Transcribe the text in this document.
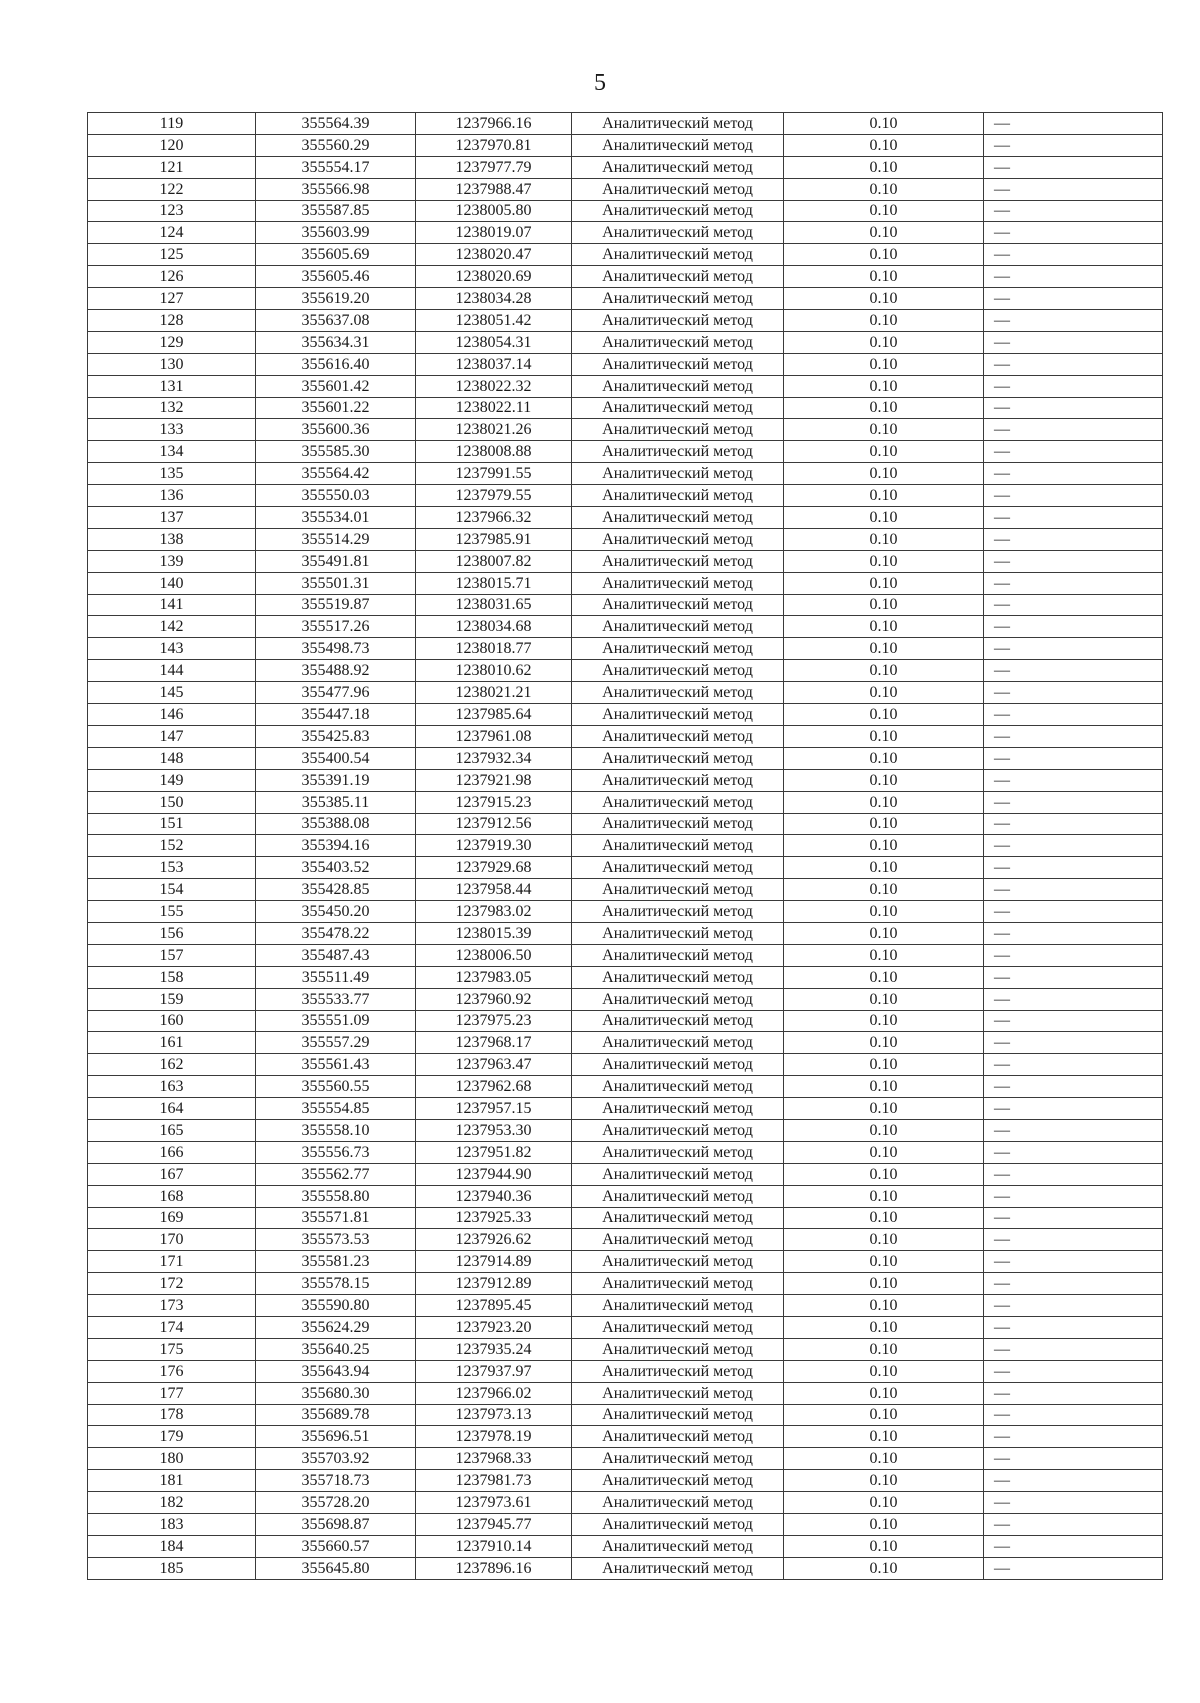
5
119	355564.39	1237966.16	Аналитический метод	0.10	—
120	355560.29	1237970.81	Аналитический метод	0.10	—
121	355554.17	1237977.79	Аналитический метод	0.10	—
122	355566.98	1237988.47	Аналитический метод	0.10	—
123	355587.85	1238005.80	Аналитический метод	0.10	—
124	355603.99	1238019.07	Аналитический метод	0.10	—
125	355605.69	1238020.47	Аналитический метод	0.10	—
126	355605.46	1238020.69	Аналитический метод	0.10	—
127	355619.20	1238034.28	Аналитический метод	0.10	—
128	355637.08	1238051.42	Аналитический метод	0.10	—
129	355634.31	1238054.31	Аналитический метод	0.10	—
130	355616.40	1238037.14	Аналитический метод	0.10	—
131	355601.42	1238022.32	Аналитический метод	0.10	—
132	355601.22	1238022.11	Аналитический метод	0.10	—
133	355600.36	1238021.26	Аналитический метод	0.10	—
134	355585.30	1238008.88	Аналитический метод	0.10	—
135	355564.42	1237991.55	Аналитический метод	0.10	—
136	355550.03	1237979.55	Аналитический метод	0.10	—
137	355534.01	1237966.32	Аналитический метод	0.10	—
138	355514.29	1237985.91	Аналитический метод	0.10	—
139	355491.81	1238007.82	Аналитический метод	0.10	—
140	355501.31	1238015.71	Аналитический метод	0.10	—
141	355519.87	1238031.65	Аналитический метод	0.10	—
142	355517.26	1238034.68	Аналитический метод	0.10	—
143	355498.73	1238018.77	Аналитический метод	0.10	—
144	355488.92	1238010.62	Аналитический метод	0.10	—
145	355477.96	1238021.21	Аналитический метод	0.10	—
146	355447.18	1237985.64	Аналитический метод	0.10	—
147	355425.83	1237961.08	Аналитический метод	0.10	—
148	355400.54	1237932.34	Аналитический метод	0.10	—
149	355391.19	1237921.98	Аналитический метод	0.10	—
150	355385.11	1237915.23	Аналитический метод	0.10	—
151	355388.08	1237912.56	Аналитический метод	0.10	—
152	355394.16	1237919.30	Аналитический метод	0.10	—
153	355403.52	1237929.68	Аналитический метод	0.10	—
154	355428.85	1237958.44	Аналитический метод	0.10	—
155	355450.20	1237983.02	Аналитический метод	0.10	—
156	355478.22	1238015.39	Аналитический метод	0.10	—
157	355487.43	1238006.50	Аналитический метод	0.10	—
158	355511.49	1237983.05	Аналитический метод	0.10	—
159	355533.77	1237960.92	Аналитический метод	0.10	—
160	355551.09	1237975.23	Аналитический метод	0.10	—
161	355557.29	1237968.17	Аналитический метод	0.10	—
162	355561.43	1237963.47	Аналитический метод	0.10	—
163	355560.55	1237962.68	Аналитический метод	0.10	—
164	355554.85	1237957.15	Аналитический метод	0.10	—
165	355558.10	1237953.30	Аналитический метод	0.10	—
166	355556.73	1237951.82	Аналитический метод	0.10	—
167	355562.77	1237944.90	Аналитический метод	0.10	—
168	355558.80	1237940.36	Аналитический метод	0.10	—
169	355571.81	1237925.33	Аналитический метод	0.10	—
170	355573.53	1237926.62	Аналитический метод	0.10	—
171	355581.23	1237914.89	Аналитический метод	0.10	—
172	355578.15	1237912.89	Аналитический метод	0.10	—
173	355590.80	1237895.45	Аналитический метод	0.10	—
174	355624.29	1237923.20	Аналитический метод	0.10	—
175	355640.25	1237935.24	Аналитический метод	0.10	—
176	355643.94	1237937.97	Аналитический метод	0.10	—
177	355680.30	1237966.02	Аналитический метод	0.10	—
178	355689.78	1237973.13	Аналитический метод	0.10	—
179	355696.51	1237978.19	Аналитический метод	0.10	—
180	355703.92	1237968.33	Аналитический метод	0.10	—
181	355718.73	1237981.73	Аналитический метод	0.10	—
182	355728.20	1237973.61	Аналитический метод	0.10	—
183	355698.87	1237945.77	Аналитический метод	0.10	—
184	355660.57	1237910.14	Аналитический метод	0.10	—
185	355645.80	1237896.16	Аналитический метод	0.10	—
